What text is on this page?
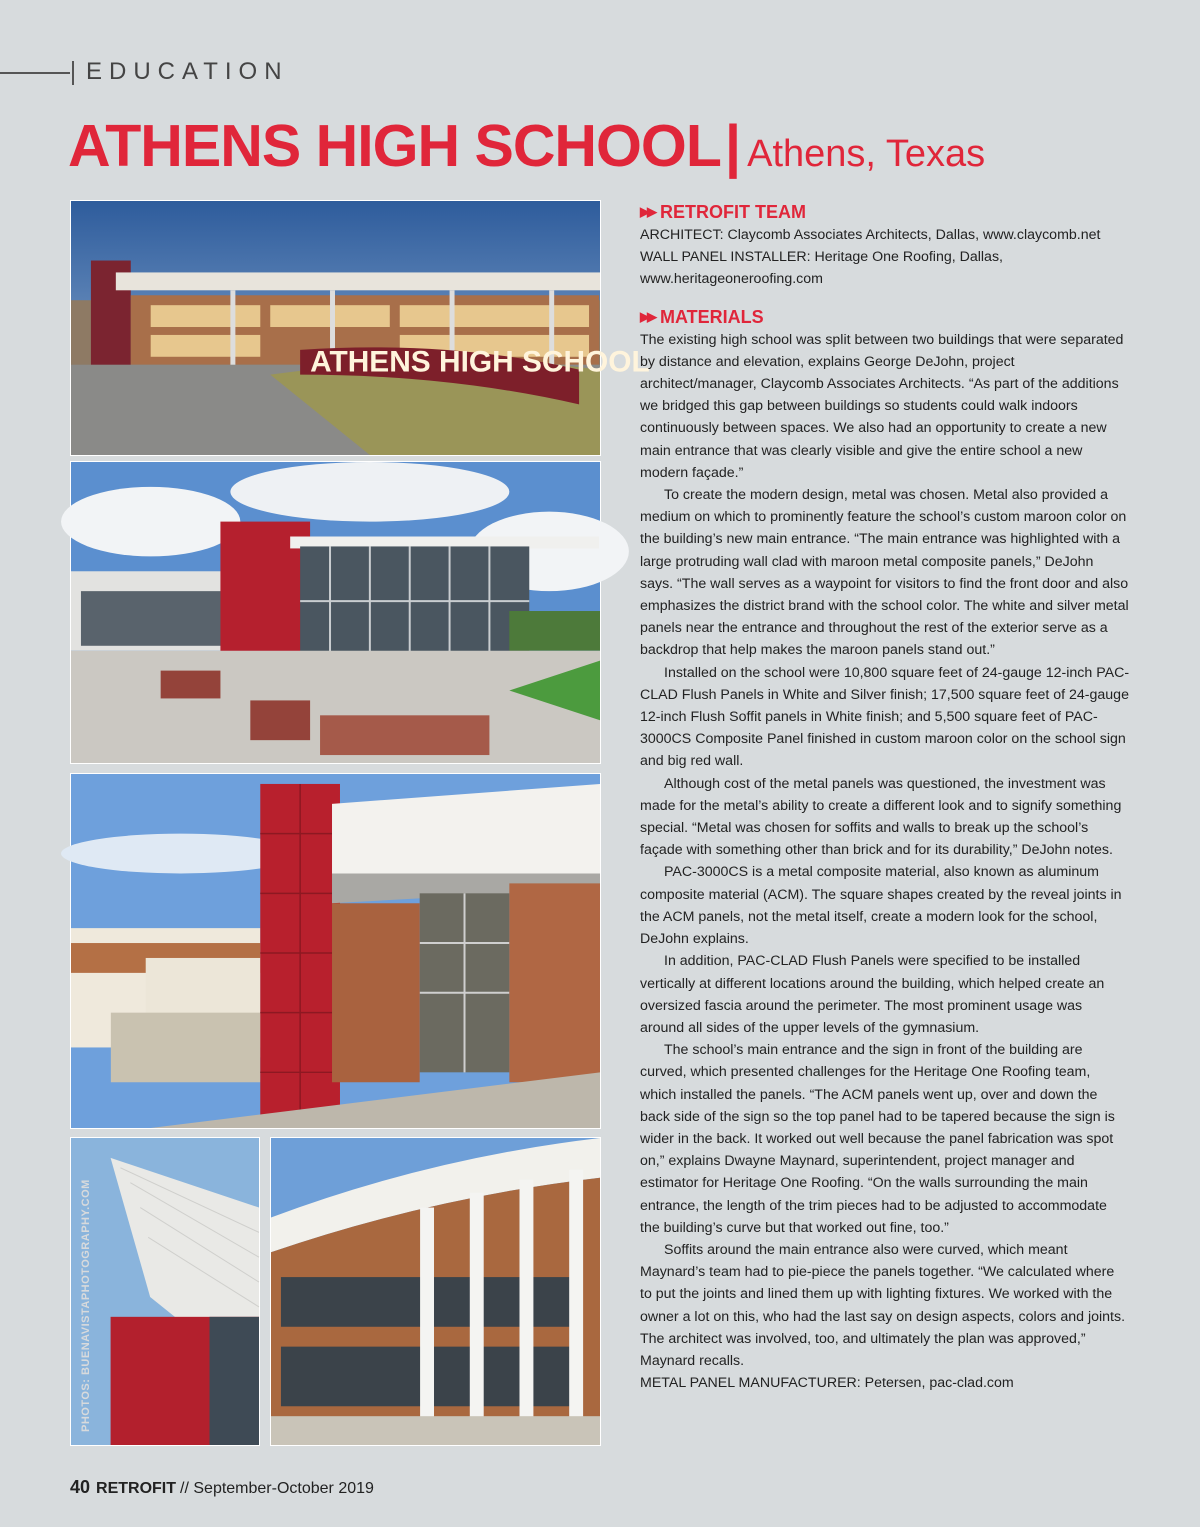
EDUCATION
ATHENS HIGH SCHOOL| Athens, Texas
ATHENS HIGH SCHOOL
PHOTOS: BUENAVISTAPHOTOGRAPHY.COM
▶▶ RETROFIT TEAM

ARCHITECT: Claycomb Associates Architects, Dallas, www.claycomb.net

WALL PANEL INSTALLER: Heritage One Roofing, Dallas, www.heritageoneroofing.com

▶▶ MATERIALS

The existing high school was split between two buildings that were separated by distance and elevation, explains George DeJohn, project architect/manager, Claycomb Associates Architects. “As part of the additions we bridged this gap between buildings so students could walk indoors continuously between spaces. We also had an opportunity to create a new main entrance that was clearly visible and give the entire school a new modern façade.”

To create the modern design, metal was chosen. Metal also provided a medium on which to prominently feature the school’s custom maroon color on the building’s new main entrance. “The main entrance was highlighted with a large protruding wall clad with maroon metal composite panels,” DeJohn says. “The wall serves as a waypoint for visitors to find the front door and also emphasizes the district brand with the school color. The white and silver metal panels near the entrance and throughout the rest of the exterior serve as a backdrop that help makes the maroon panels stand out.”

Installed on the school were 10,800 square feet of 24-gauge 12-inch PAC-CLAD Flush Panels in White and Silver finish; 17,500 square feet of 24-gauge 12-inch Flush Soffit panels in White finish; and 5,500 square feet of PAC-3000CS Composite Panel finished in custom maroon color on the school sign and big red wall.

Although cost of the metal panels was questioned, the investment was made for the metal’s ability to create a different look and to signify something special. “Metal was chosen for soffits and walls to break up the school’s façade with something other than brick and for its durability,” DeJohn notes.

PAC-3000CS is a metal composite material, also known as aluminum composite material (ACM). The square shapes created by the reveal joints in the ACM panels, not the metal itself, create a modern look for the school, DeJohn explains.

In addition, PAC-CLAD Flush Panels were specified to be installed vertically at different locations around the building, which helped create an oversized fascia around the perimeter. The most prominent usage was around all sides of the upper levels of the gymnasium.

The school’s main entrance and the sign in front of the building are curved, which presented challenges for the Heritage One Roofing team, which installed the panels. “The ACM panels went up, over and down the back side of the sign so the top panel had to be tapered because the sign is wider in the back. It worked out well because the panel fabrication was spot on,” explains Dwayne Maynard, superintendent, project manager and estimator for Heritage One Roofing. “On the walls surrounding the main entrance, the length of the trim pieces had to be adjusted to accommodate the building’s curve but that worked out fine, too.”

Soffits around the main entrance also were curved, which meant Maynard’s team had to pie-piece the panels together. “We calculated where to put the joints and lined them up with lighting fixtures. We worked with the owner a lot on this, who had the last say on design aspects, colors and joints. The architect was involved, too, and ultimately the plan was approved,” Maynard recalls.

METAL PANEL MANUFACTURER: Petersen, pac-clad.com

40 RETROFIT // September-October 2019
